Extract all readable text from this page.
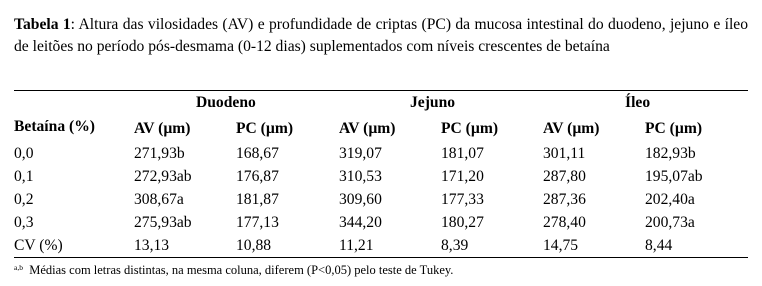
Tabela 1: Altura das vilosidades (AV) e profundidade de criptas (PC) da mucosa intestinal do duodeno, jejuno e íleo de leitões no período pós-desmama (0-12 dias) suplementados com níveis crescentes de betaína
Duodeno	Jejuno	Íleo
Betaína (%)	AV (µm)	PC (µm)	AV (µm)	PC (µm)	AV (µm)	PC (µm)
0,0	271,93b	168,67	319,07	181,07	301,11	182,93b
0,1	272,93ab	176,87	310,53	171,20	287,80	195,07ab
0,2	308,67a	181,87	309,60	177,33	287,36	202,40a
0,3	275,93ab	177,13	344,20	180,27	278,40	200,73a
CV (%)	13,13	10,88	11,21	8,39	14,75	8,44
$^{a,b}$ Médias com letras distintas, na mesma coluna, diferem (P<0,05) pelo teste de Tukey.
